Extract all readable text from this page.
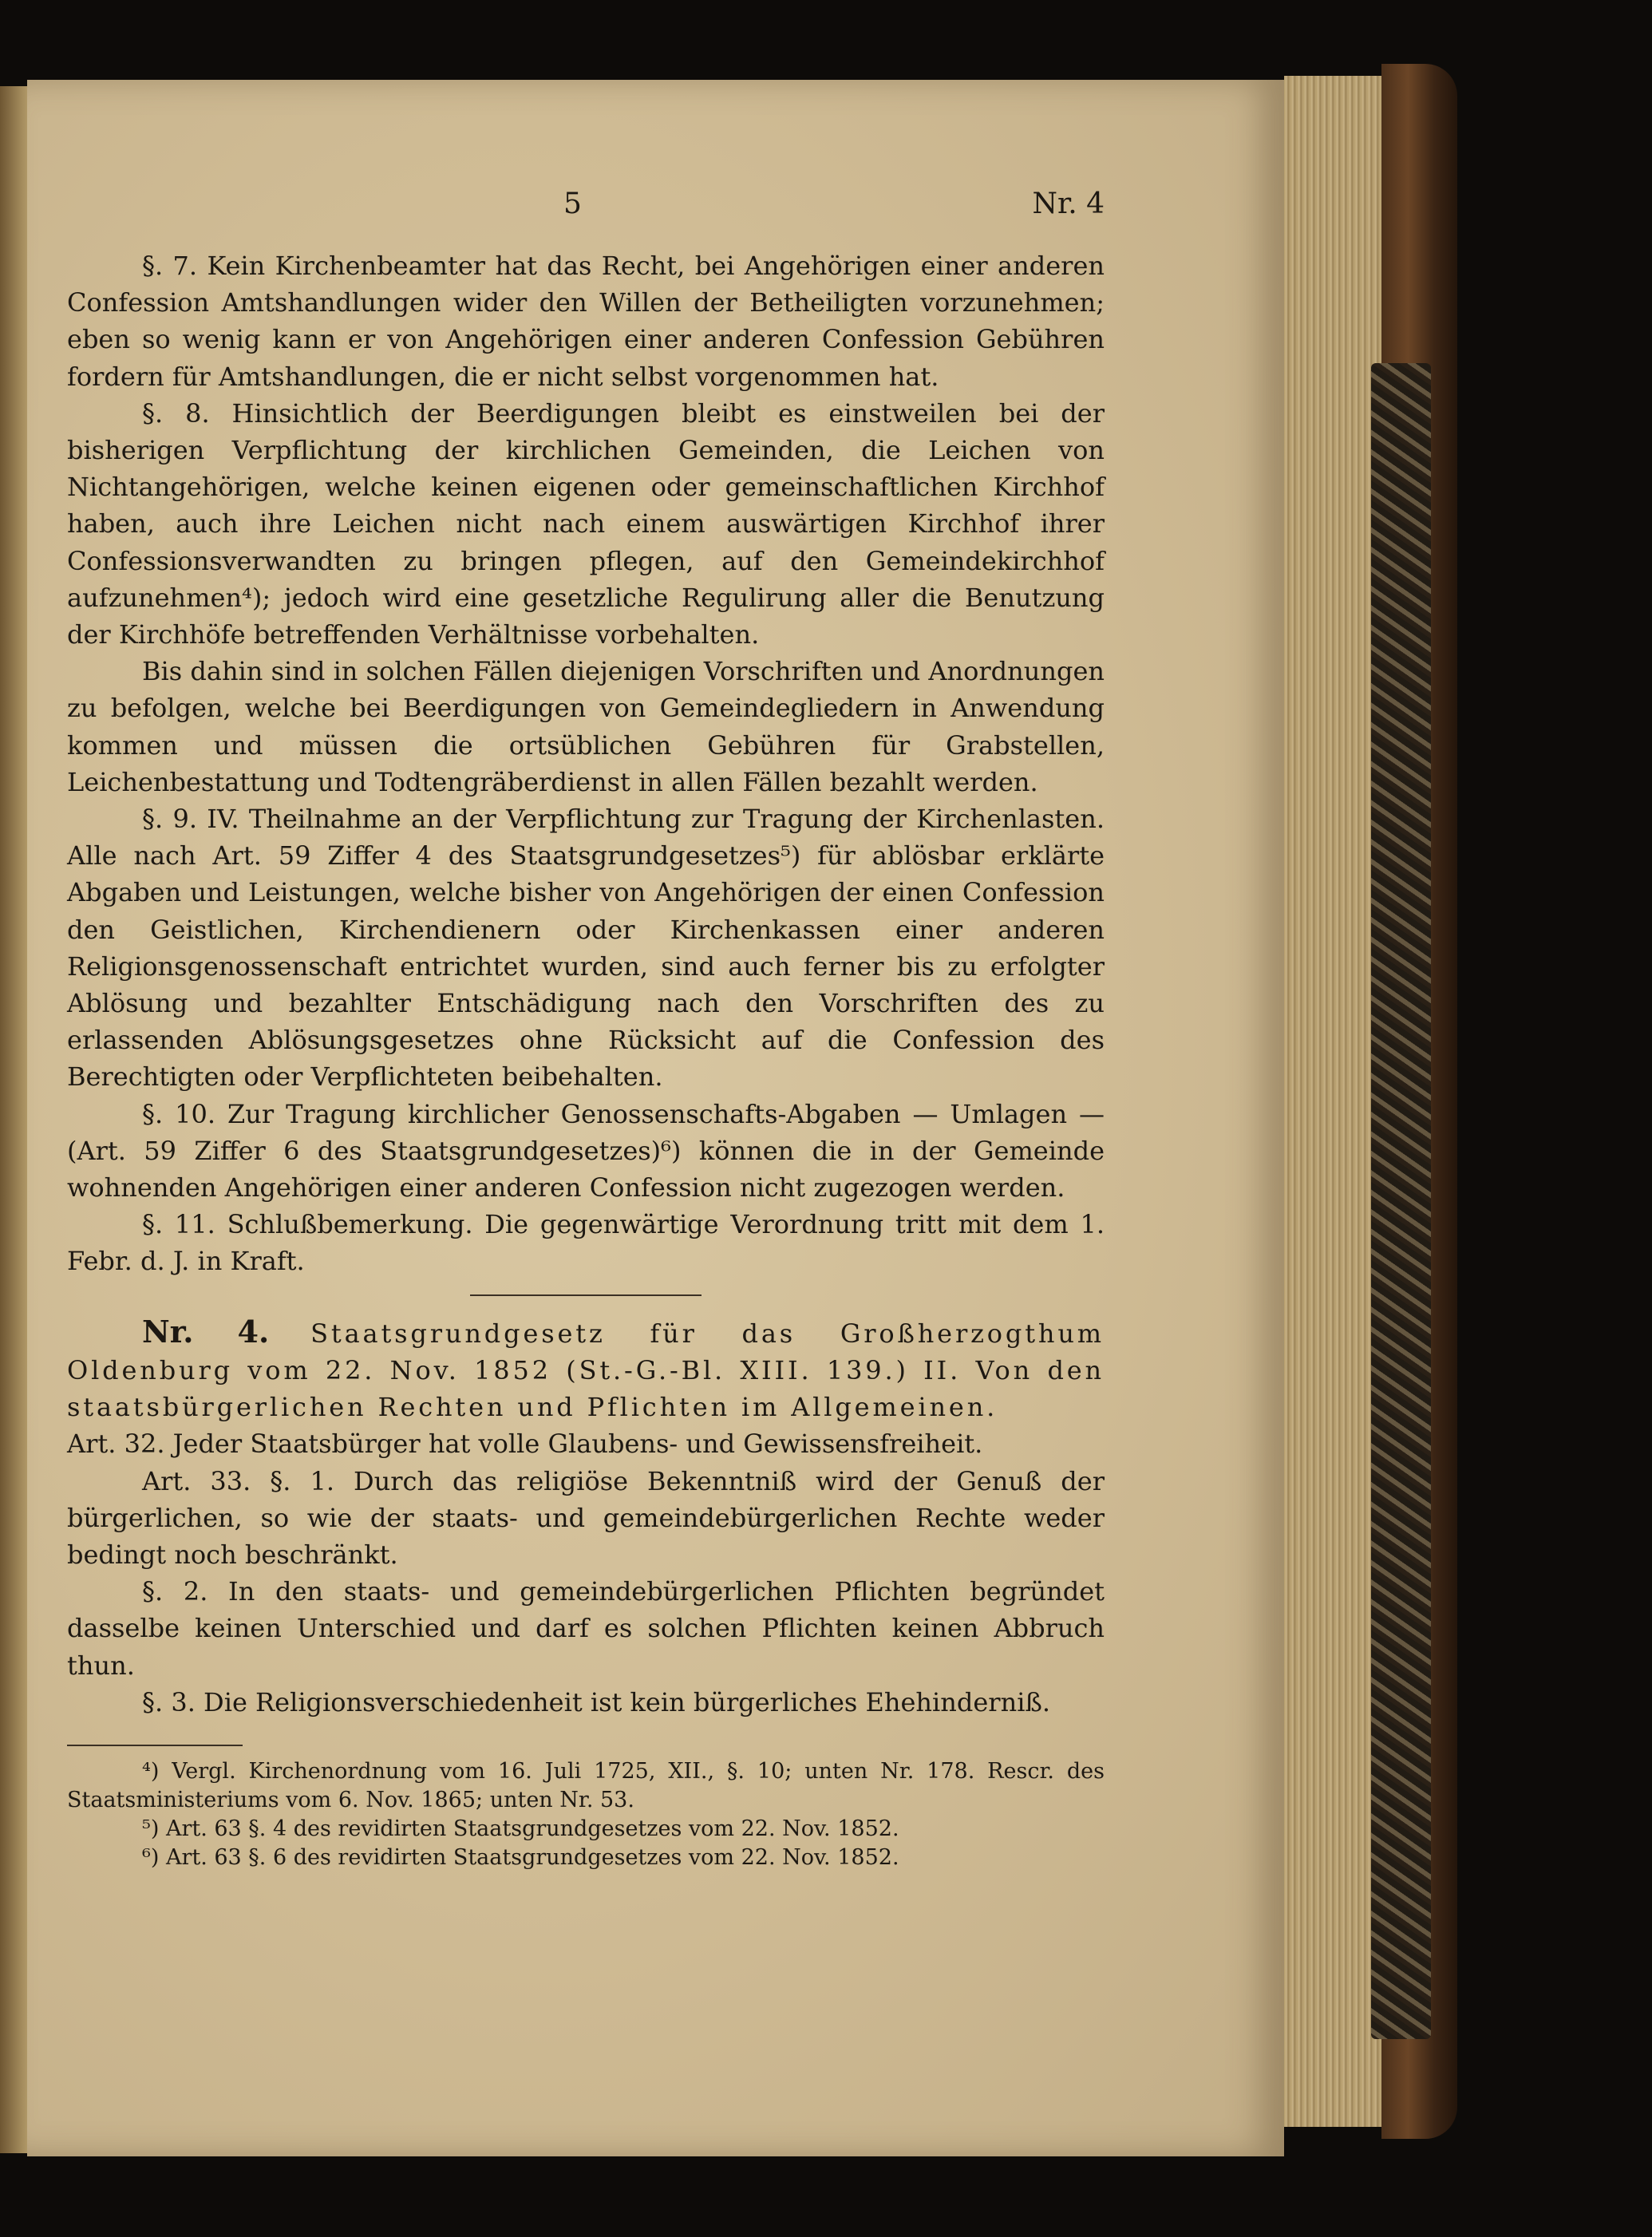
5	Nr. 4

§. 7. Kein Kirchenbeamter hat das Recht, bei Angehörigen einer anderen Confession Amtshandlungen wider den Willen der Betheiligten vorzunehmen; eben so wenig kann er von Angehörigen einer anderen Confession Gebühren fordern für Amtshandlungen, die er nicht selbst vorgenommen hat.

§. 8. Hinsichtlich der Beerdigungen bleibt es einstweilen bei der bisherigen Verpflichtung der kirchlichen Gemeinden, die Leichen von Nichtangehörigen, welche keinen eigenen oder gemeinschaftlichen Kirchhof haben, auch ihre Leichen nicht nach einem auswärtigen Kirchhof ihrer Confessionsverwandten zu bringen pflegen, auf den Gemeindekirchhof aufzunehmen⁴); jedoch wird eine gesetzliche Regulirung aller die Benutzung der Kirchhöfe betreffenden Verhältnisse vorbehalten.

Bis dahin sind in solchen Fällen diejenigen Vorschriften und Anordnungen zu befolgen, welche bei Beerdigungen von Gemeindegliedern in Anwendung kommen und müssen die ortsüblichen Gebühren für Grabstellen, Leichenbestattung und Todtengräberdienst in allen Fällen bezahlt werden.

§. 9. IV. Theilnahme an der Verpflichtung zur Tragung der Kirchenlasten. Alle nach Art. 59 Ziffer 4 des Staatsgrundgesetzes⁵) für ablösbar erklärte Abgaben und Leistungen, welche bisher von Angehörigen der einen Confession den Geistlichen, Kirchendienern oder Kirchenkassen einer anderen Religionsgenossenschaft entrichtet wurden, sind auch ferner bis zu erfolgter Ablösung und bezahlter Entschädigung nach den Vorschriften des zu erlassenden Ablösungsgesetzes ohne Rücksicht auf die Confession des Berechtigten oder Verpflichteten beibehalten.

§. 10. Zur Tragung kirchlicher Genossenschafts-Abgaben — Umlagen — (Art. 59 Ziffer 6 des Staatsgrundgesetzes)⁶) können die in der Gemeinde wohnenden Angehörigen einer anderen Confession nicht zugezogen werden.

§. 11. Schlußbemerkung. Die gegenwärtige Verordnung tritt mit dem 1. Febr. d. J. in Kraft.

Nr. 4. Staatsgrundgesetz für das Großherzogthum Oldenburg vom 22. Nov. 1852 (St.-G.-Bl. XIII. 139.) II. Von den staatsbürgerlichen Rechten und Pflichten im Allgemeinen.

Art. 32. Jeder Staatsbürger hat volle Glaubens- und Gewissensfreiheit.

Art. 33. §. 1. Durch das religiöse Bekenntniß wird der Genuß der bürgerlichen, so wie der staats- und gemeindebürgerlichen Rechte weder bedingt noch beschränkt.

§. 2. In den staats- und gemeindebürgerlichen Pflichten begründet dasselbe keinen Unterschied und darf es solchen Pflichten keinen Abbruch thun.

§. 3. Die Religionsverschiedenheit ist kein bürgerliches Ehehinderniß.

⁴) Vergl. Kirchenordnung vom 16. Juli 1725, XII., §. 10; unten Nr. 178. Rescr. des Staatsministeriums vom 6. Nov. 1865; unten Nr. 53.

⁵) Art. 63 §. 4 des revidirten Staatsgrundgesetzes vom 22. Nov. 1852.

⁶) Art. 63 §. 6 des revidirten Staatsgrundgesetzes vom 22. Nov. 1852.
